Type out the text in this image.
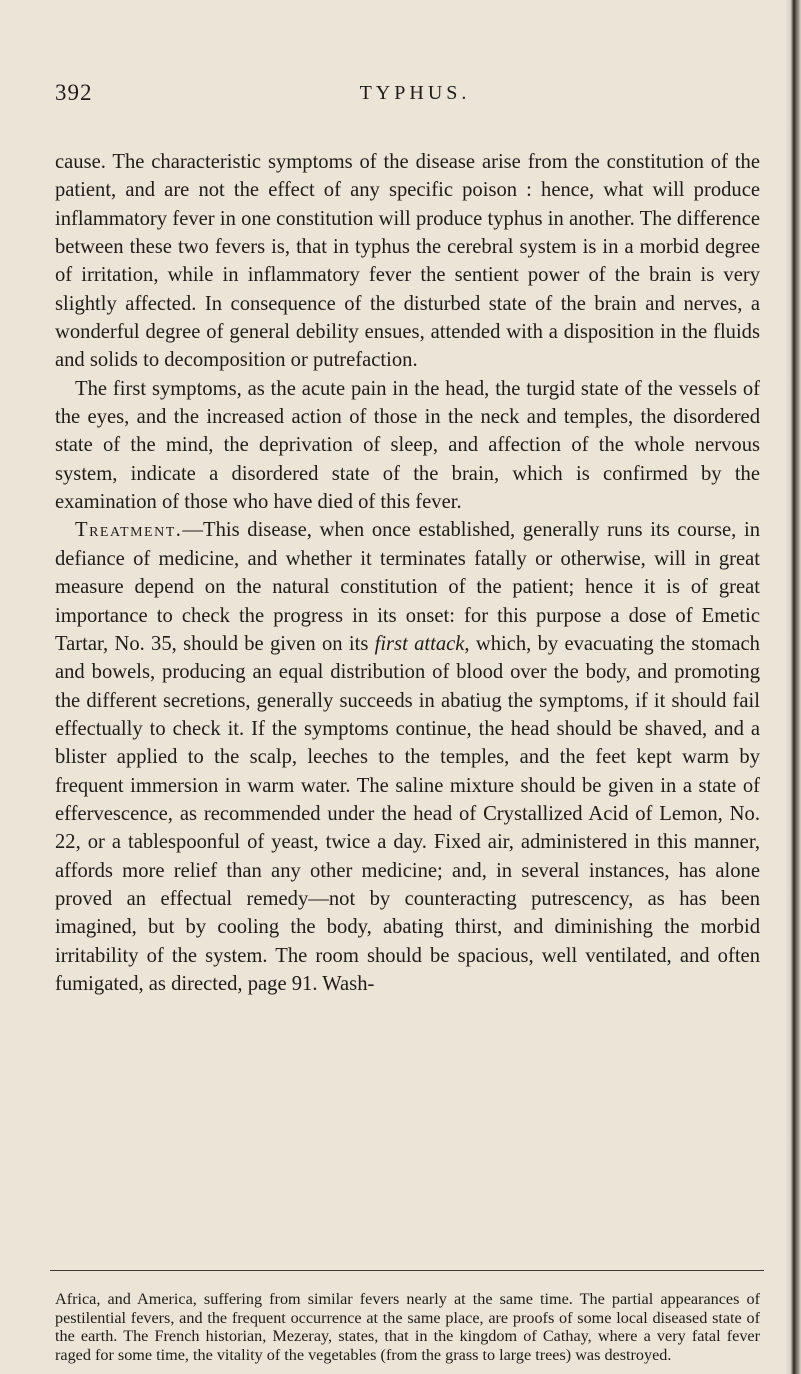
392	TYPHUS.

cause. The characteristic symptoms of the disease arise from the constitution of the patient, and are not the effect of any specific poison : hence, what will produce inflammatory fever in one constitution will produce typhus in another. The difference between these two fevers is, that in typhus the cerebral system is in a morbid degree of irritation, while in inflammatory fever the sentient power of the brain is very slightly affected. In consequence of the disturbed state of the brain and nerves, a wonderful degree of general debility ensues, attended with a disposition in the fluids and solids to decomposition or putrefaction.

The first symptoms, as the acute pain in the head, the turgid state of the vessels of the eyes, and the increased action of those in the neck and temples, the disordered state of the mind, the deprivation of sleep, and affection of the whole nervous system, indicate a disordered state of the brain, which is confirmed by the examination of those who have died of this fever.

Treatment.—This disease, when once established, generally runs its course, in defiance of medicine, and whether it terminates fatally or otherwise, will in great measure depend on the natural constitution of the patient; hence it is of great importance to check the progress in its onset: for this purpose a dose of Emetic Tartar, No. 35, should be given on its first attack, which, by evacuating the stomach and bowels, producing an equal distribution of blood over the body, and promoting the different secretions, generally succeeds in abatiug the symptoms, if it should fail effectually to check it. If the symptoms continue, the head should be shaved, and a blister applied to the scalp, leeches to the temples, and the feet kept warm by frequent immersion in warm water. The saline mixture should be given in a state of effervescence, as recommended under the head of Crystallized Acid of Lemon, No. 22, or a tablespoonful of yeast, twice a day. Fixed air, administered in this manner, affords more relief than any other medicine; and, in several instances, has alone proved an effectual remedy—not by counteracting putrescency, as has been imagined, but by cooling the body, abating thirst, and diminishing the morbid irritability of the system. The room should be spacious, well ventilated, and often fumigated, as directed, page 91. Wash-

Africa, and America, suffering from similar fevers nearly at the same time. The partial appearances of pestilential fevers, and the frequent occurrence at the same place, are proofs of some local diseased state of the earth. The French historian, Mezeray, states, that in the kingdom of Cathay, where a very fatal fever raged for some time, the vitality of the vegetables (from the grass to large trees) was destroyed.
